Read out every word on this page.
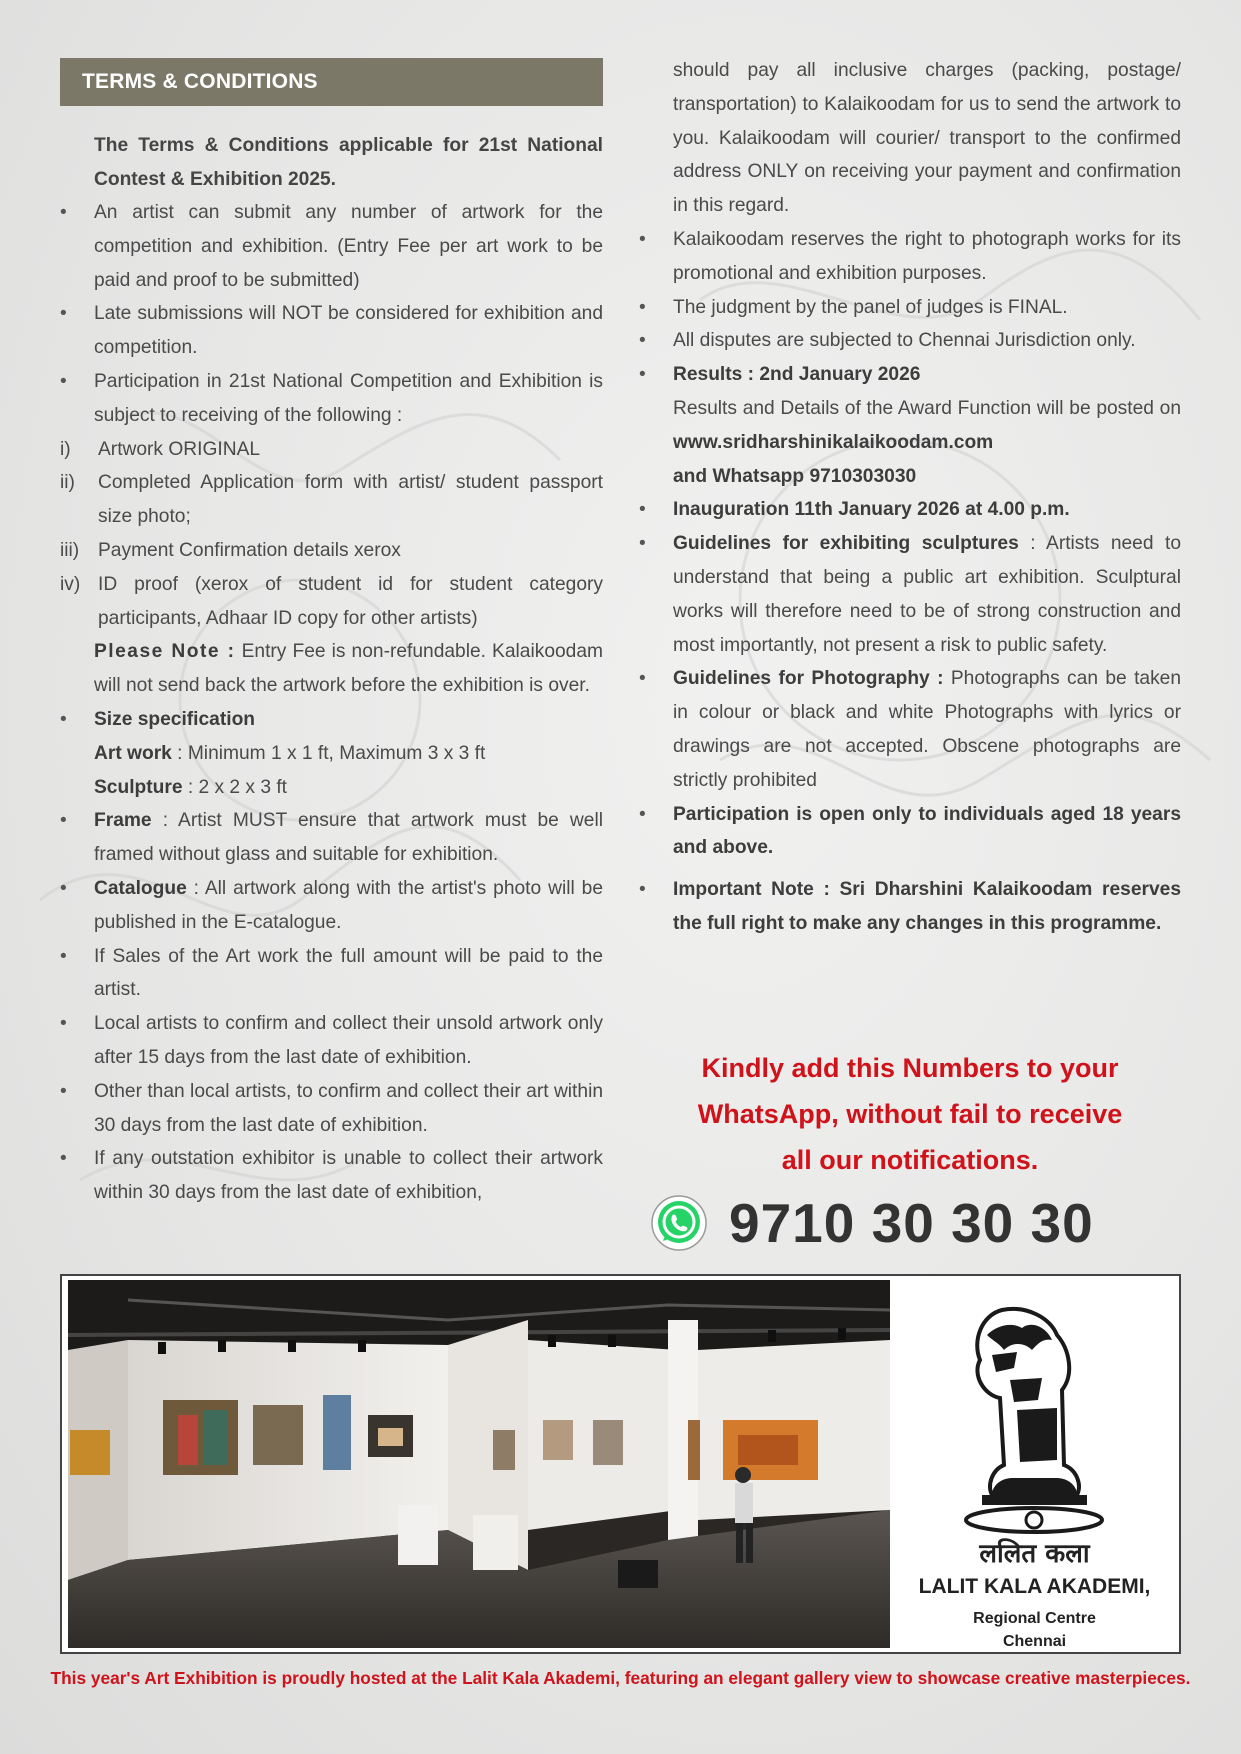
TERMS & CONDITIONS
The Terms & Conditions applicable for 21st National Contest & Exhibition 2025.
• An artist can submit any number of artwork for the competition and exhibition. (Entry Fee per art work to be paid and proof to be submitted)
• Late submissions will NOT be considered for exhibition and competition.
• Participation in 21st National Competition and Exhibition is subject to receiving of the following :
i) Artwork ORIGINAL
ii) Completed Application form with artist/ student passport size photo;
iii) Payment Confirmation details xerox
iv) ID proof (xerox of student id for student category participants, Adhaar ID copy for other artists)
Please Note : Entry Fee is non-refundable. Kalaikoodam will not send back the artwork before the exhibition is over.
• Size specification
Art work : Minimum 1 x 1 ft, Maximum 3 x 3 ft
Sculpture : 2 x 2 x 3 ft
• Frame : Artist MUST ensure that artwork must be well framed without glass and suitable for exhibition.
• Catalogue : All artwork along with the artist's photo will be published in the E-catalogue.
• If Sales of the Art work the full amount will be paid to the artist.
• Local artists to confirm and collect their unsold artwork only after 15 days from the last date of exhibition.
• Other than local artists, to confirm and collect their art within 30 days from the last date of exhibition.
• If any outstation exhibitor is unable to collect their artwork within 30 days from the last date of exhibition,
should pay all inclusive charges (packing, postage/ transportation) to Kalaikoodam for us to send the artwork to you. Kalaikoodam will courier/ transport to the confirmed address ONLY on receiving your payment and confirmation in this regard.
• Kalaikoodam reserves the right to photograph works for its promotional and exhibition purposes.
• The judgment by the panel of judges is FINAL.
• All disputes are subjected to Chennai Jurisdiction only.
• Results : 2nd January 2026
Results and Details of the Award Function will be posted on www.sridharshinikalaikoodam.com
and Whatsapp 9710303030
• Inauguration 11th January 2026 at 4.00 p.m.
• Guidelines for exhibiting sculptures : Artists need to understand that being a public art exhibition. Sculptural works will therefore need to be of strong construction and most importantly, not present a risk to public safety.
• Guidelines for Photography : Photographs can be taken in colour or black and white Photographs with lyrics or drawings are not accepted. Obscene photographs are strictly prohibited
• Participation is open only to individuals aged 18 years and above.
• Important Note : Sri Dharshini Kalaikoodam reserves the full right to make any changes in this programme.
Kindly add this Numbers to your
WhatsApp, without fail to receive
all our notifications.
9710 30 30 30
ललित कला
LALIT KALA AKADEMI,
Regional Centre
Chennai
This year's Art Exhibition is proudly hosted at the Lalit Kala Akademi, featuring an elegant gallery view to showcase creative masterpieces.
